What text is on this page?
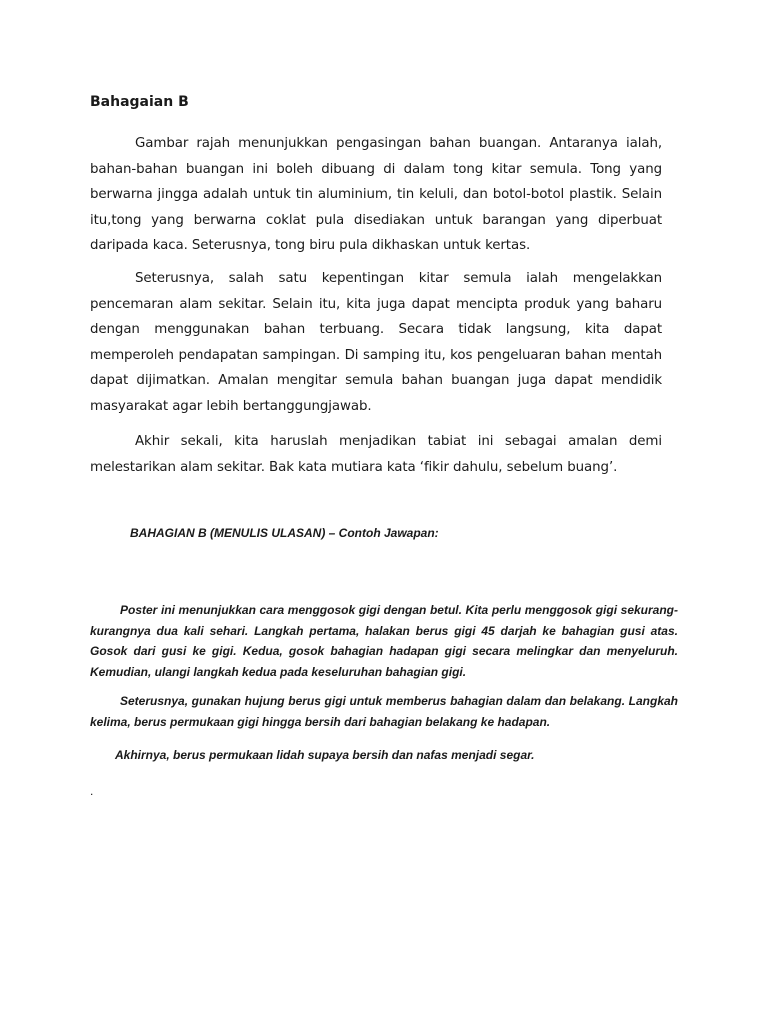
Bahagaian B

Gambar rajah menunjukkan pengasingan bahan buangan. Antaranya ialah, bahan-bahan buangan ini boleh dibuang di dalam tong kitar semula. Tong yang berwarna jingga adalah untuk tin aluminium, tin keluli, dan botol-botol plastik. Selain itu,tong yang berwarna coklat pula disediakan untuk barangan yang diperbuat daripada kaca. Seterusnya, tong biru pula dikhaskan untuk kertas.

Seterusnya, salah satu kepentingan kitar semula ialah mengelakkan pencemaran alam sekitar. Selain itu, kita juga dapat mencipta produk yang baharu dengan menggunakan bahan terbuang. Secara tidak langsung, kita dapat memperoleh pendapatan sampingan. Di samping itu, kos pengeluaran bahan mentah dapat dijimatkan. Amalan mengitar semula bahan buangan juga dapat mendidik masyarakat agar lebih bertanggungjawab.

Akhir sekali, kita haruslah menjadikan tabiat ini sebagai amalan demi melestarikan alam sekitar. Bak kata mutiara kata ‘fikir dahulu, sebelum buang’.

BAHAGIAN B (MENULIS ULASAN) – Contoh Jawapan:

Poster ini menunjukkan cara menggosok gigi dengan betul. Kita perlu menggosok gigi sekurang-kurangnya dua kali sehari. Langkah pertama, halakan berus gigi 45 darjah ke bahagian gusi atas. Gosok dari gusi ke gigi. Kedua, gosok bahagian hadapan gigi secara melingkar dan menyeluruh. Kemudian, ulangi langkah kedua pada keseluruhan bahagian gigi.

Seterusnya, gunakan hujung berus gigi untuk memberus bahagian dalam dan belakang. Langkah kelima, berus permukaan gigi hingga bersih dari bahagian belakang ke hadapan.

Akhirnya, berus permukaan lidah supaya bersih dan nafas menjadi segar.

.
